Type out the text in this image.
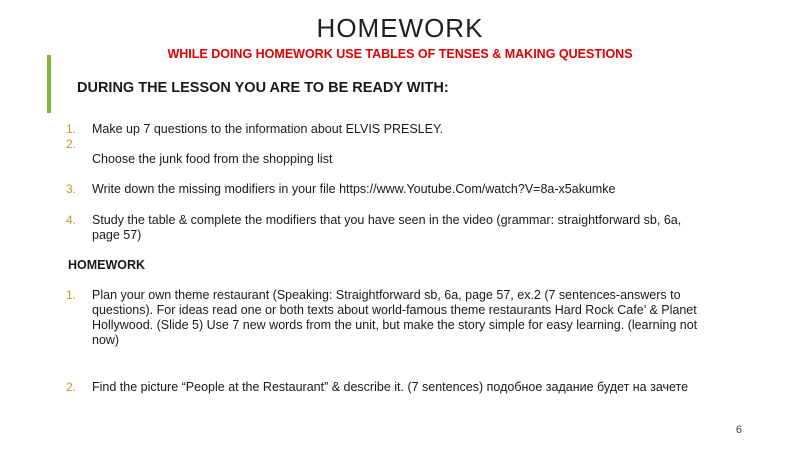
HOMEWORK
WHILE DOING HOMEWORK USE TABLES OF TENSES & MAKING QUESTIONS
DURING THE LESSON YOU ARE TO BE READY WITH:
1. Make up 7 questions to the information about ELVIS PRESLEY.
2.
Choose the junk food from the shopping list
3. Write down the missing modifiers in your file https://www.Youtube.Com/watch?V=8a-x5akumke
4. Study the table & complete the modifiers that you have seen in the video (grammar: straightforward sb, 6a,
page 57)
HOMEWORK
1. Plan your own theme restaurant (Speaking: Straightforward sb, 6a, page 57, ex.2 (7 sentences-answers to
questions). For ideas read one or both texts about world-famous theme restaurants Hard Rock Cafe’ & Planet
Hollywood. (Slide 5) Use 7 new words from the unit, but make the story simple for easy learning. (learning not
now)
2. Find the picture “People at the Restaurant” & describe it. (7 sentences) подобное задание будет на зачете
6
